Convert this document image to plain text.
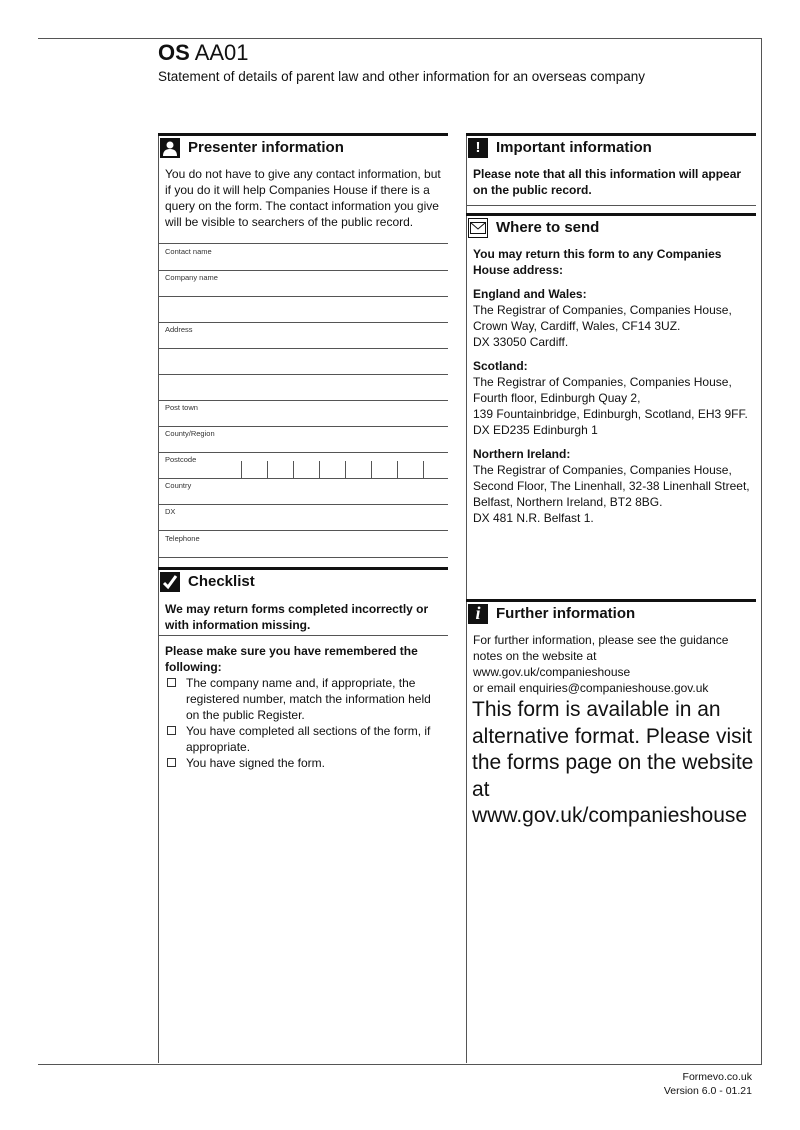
OS AA01
Statement of details of parent law and other information for an overseas company
Presenter information
You do not have to give any contact information, but if you do it will help Companies House if there is a query on the form. The contact information you give will be visible to searchers of the public record.
Contact name
Company name
Address
Post town
County/Region
Postcode
Country
DX
Telephone
Checklist
We may return forms completed incorrectly or with information missing.
Please make sure you have remembered the following:
The company name and, if appropriate, the registered number, match the information held on the public Register.
You have completed all sections of the form, if appropriate.
You have signed the form.
!	Important information
Please note that all this information will appear on the public record.
Where to send
You may return this form to any Companies House address:
England and Wales:
The Registrar of Companies, Companies House, Crown Way, Cardiff, Wales, CF14 3UZ.
DX 33050 Cardiff.
Scotland:
The Registrar of Companies, Companies House, Fourth floor, Edinburgh Quay 2,
139 Fountainbridge, Edinburgh, Scotland, EH3 9FF.
DX ED235 Edinburgh 1
Northern Ireland:
The Registrar of Companies, Companies House, Second Floor, The Linenhall, 32-38 Linenhall Street, Belfast, Northern Ireland, BT2 8BG.
DX 481 N.R. Belfast 1.
i	Further information
For further information, please see the guidance notes on the website at www.gov.uk/companieshouse
or email enquiries@companieshouse.gov.uk
This form is available in an alternative format. Please visit the forms page on the website at www.gov.uk/companieshouse
Formevo.co.uk
Version 6.0 - 01.21
